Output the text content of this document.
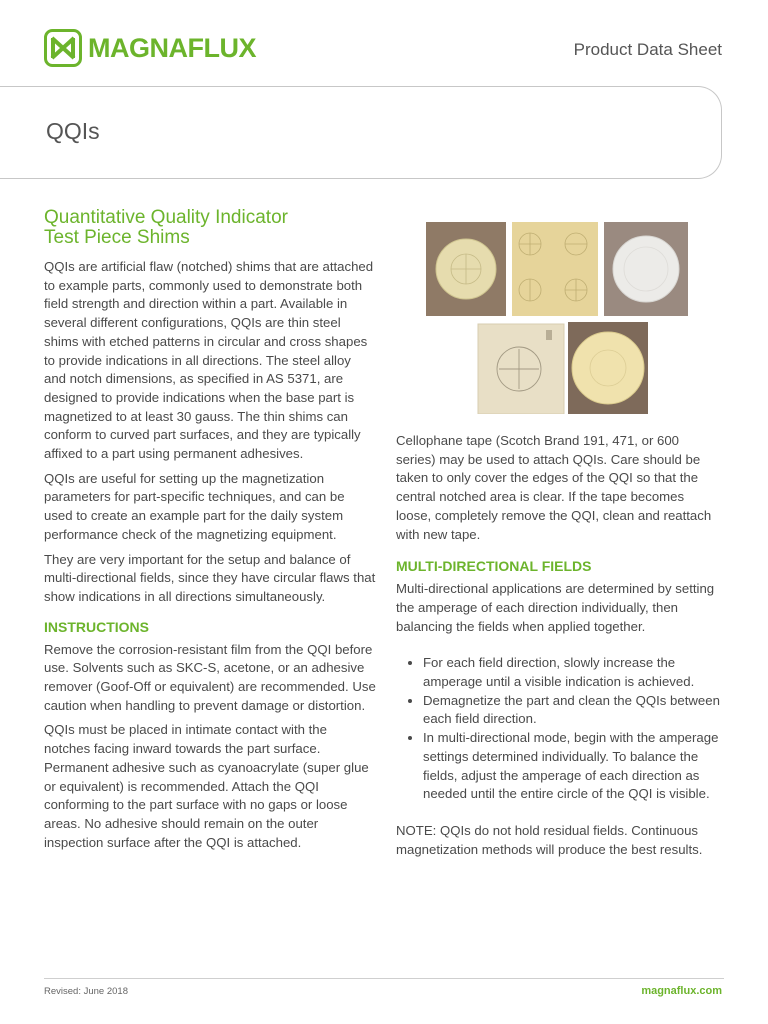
MAGNAFLUX	Product Data Sheet
QQIs
Quantitative Quality Indicator
Test Piece Shims

QQIs are artificial flaw (notched) shims that are attached to example parts, commonly used to demonstrate both field strength and direction within a part. Available in several different configurations, QQIs are thin steel shims with etched patterns in circular and cross shapes to provide indications in all directions. The steel alloy and notch dimensions, as specified in AS 5371, are designed to provide indications when the base part is magnetized to at least 30 gauss. The thin shims can conform to curved part surfaces, and they are typically affixed to a part using permanent adhesives.

QQIs are useful for setting up the magnetization parameters for part-specific techniques, and can be used to create an example part for the daily system performance check of the magnetizing equipment.

They are very important for the setup and balance of multi-directional fields, since they have circular flaws that show indications in all directions simultaneously.

INSTRUCTIONS

Remove the corrosion-resistant film from the QQI before use. Solvents such as SKC-S, acetone, or an adhesive remover (Goof-Off or equivalent) are recommended. Use caution when handling to prevent damage or distortion.

QQIs must be placed in intimate contact with the notches facing inward towards the part surface. Permanent adhesive such as cyanoacrylate (super glue or equivalent) is recommended. Attach the QQI conforming to the part surface with no gaps or loose areas. No adhesive should remain on the outer inspection surface after the QQI is attached.

Cellophane tape (Scotch Brand 191, 471, or 600 series) may be used to attach QQIs. Care should be taken to only cover the edges of the QQI so that the central notched area is clear. If the tape becomes loose, completely remove the QQI, clean and reattach with new tape.

MULTI-DIRECTIONAL FIELDS

Multi-directional applications are determined by setting the amperage of each direction individually, then balancing the fields when applied together.

• For each field direction, slowly increase the amperage until a visible indication is achieved.
• Demagnetize the part and clean the QQIs between each field direction.
• In multi-directional mode, begin with the amperage settings determined individually. To balance the fields, adjust the amperage of each direction as needed until the entire circle of the QQI is visible.

NOTE: QQIs do not hold residual fields. Continuous magnetization methods will produce the best results.

Revised: June 2018	magnaflux.com
